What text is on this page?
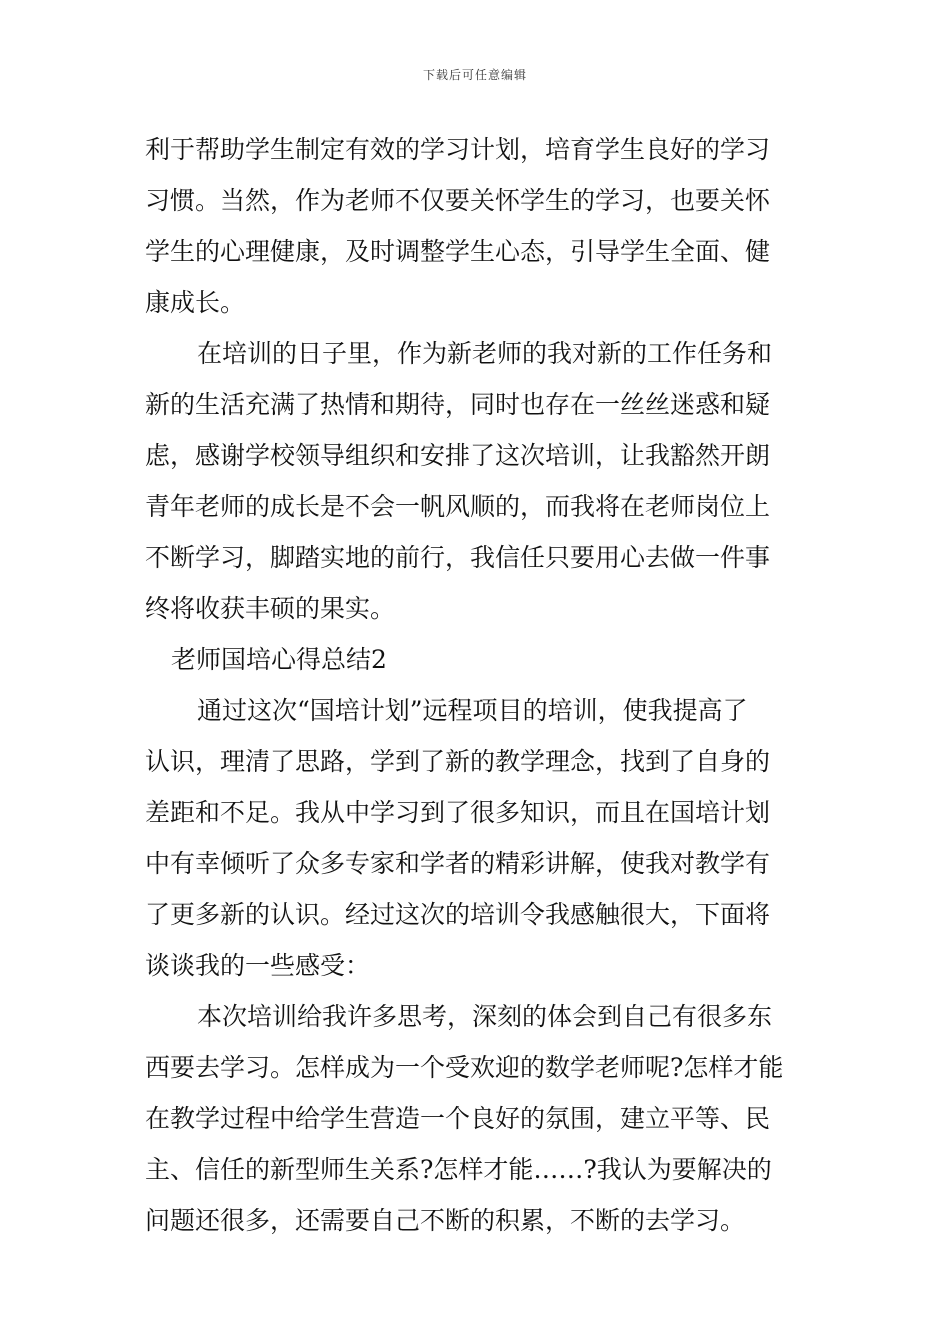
下载后可任意编辑
利于帮助学生制定有效的学习计划，培育学生良好的学习
习惯。当然，作为老师不仅要关怀学生的学习，也要关怀
学生的心理健康，及时调整学生心态，引导学生全面、健
康成长。
在培训的日子里，作为新老师的我对新的工作任务和
新的生活充满了热情和期待，同时也存在一丝丝迷惑和疑
虑，感谢学校领导组织和安排了这次培训，让我豁然开朗
青年老师的成长是不会一帆风顺的，而我将在老师岗位上
不断学习，脚踏实地的前行，我信任只要用心去做一件事
终将收获丰硕的果实。
老师国培心得总结2
通过这次“国培计划”远程项目的培训，使我提高了
认识，理清了思路，学到了新的教学理念，找到了自身的
差距和不足。我从中学习到了很多知识，而且在国培计划
中有幸倾听了众多专家和学者的精彩讲解，使我对教学有
了更多新的认识。经过这次的培训令我感触很大，下面将
谈谈我的一些感受：
本次培训给我许多思考，深刻的体会到自己有很多东
西要去学习。怎样成为一个受欢迎的数学老师呢?怎样才能
在教学过程中给学生营造一个良好的氛围，建立平等、民
主、信任的新型师生关系?怎样才能……?我认为要解决的
问题还很多，还需要自己不断的积累，不断的去学习。
